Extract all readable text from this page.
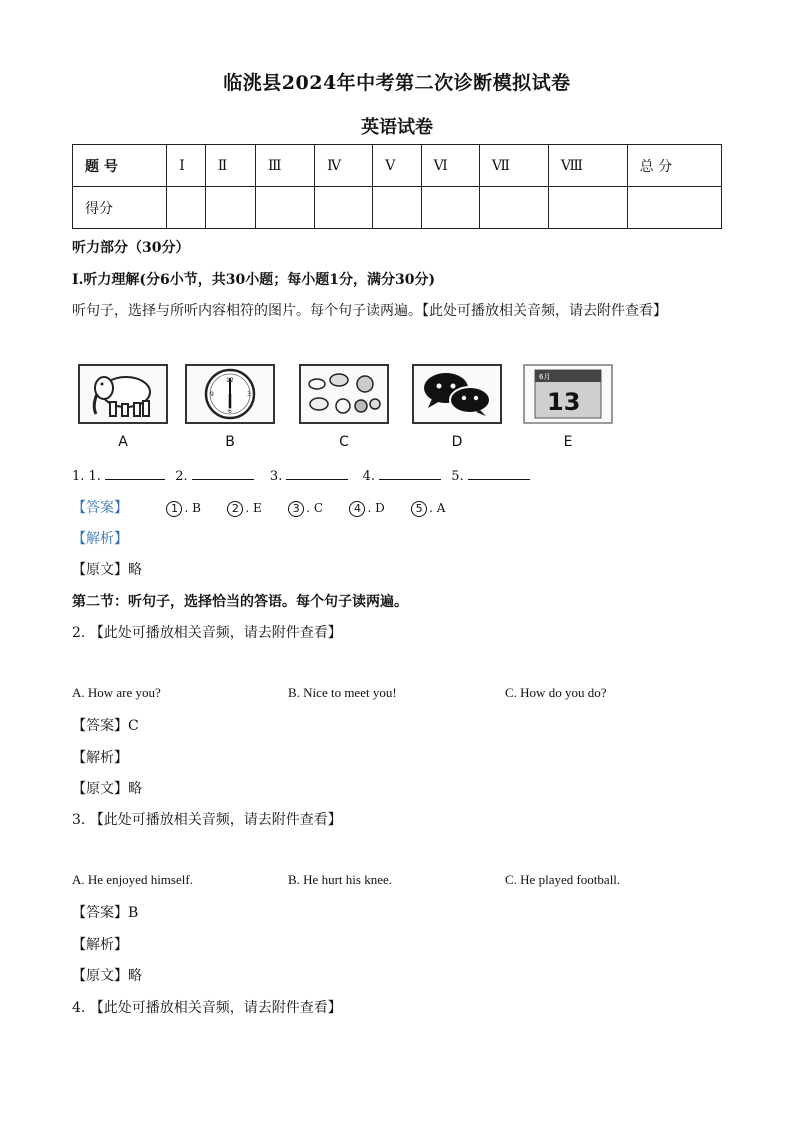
临洮县2024年中考第二次诊断模拟试卷
英语试卷
题 号	Ⅰ	Ⅱ	Ⅲ	Ⅳ	Ⅴ	Ⅵ	Ⅶ	Ⅷ	总 分
得分									
听力部分（30分）
Ⅰ.听力理解(分6小节，共30小题；每小题1分，满分30分)
听句子，选择与所听内容相符的图片。每个句子读两遍。【此处可播放相关音频，请去附件查看】
A
12
3
6
9
B	C	D
6月
13
E
1. 1.	2.	3.	4.	5.
【答案】	1 . B	2 . E	3 . C	4 . D	5 . A
【解析】
【原文】略
第二节：听句子，选择恰当的答语。每个句子读两遍。
2. 【此处可播放相关音频，请去附件查看】
A. How are you?	B. Nice to meet you!	C. How do you do?
【答案】C
【解析】
【原文】略
3. 【此处可播放相关音频，请去附件查看】
A. He enjoyed himself.	B. He hurt his knee.	C. He played football.
【答案】B
【解析】
【原文】略
4. 【此处可播放相关音频，请去附件查看】
